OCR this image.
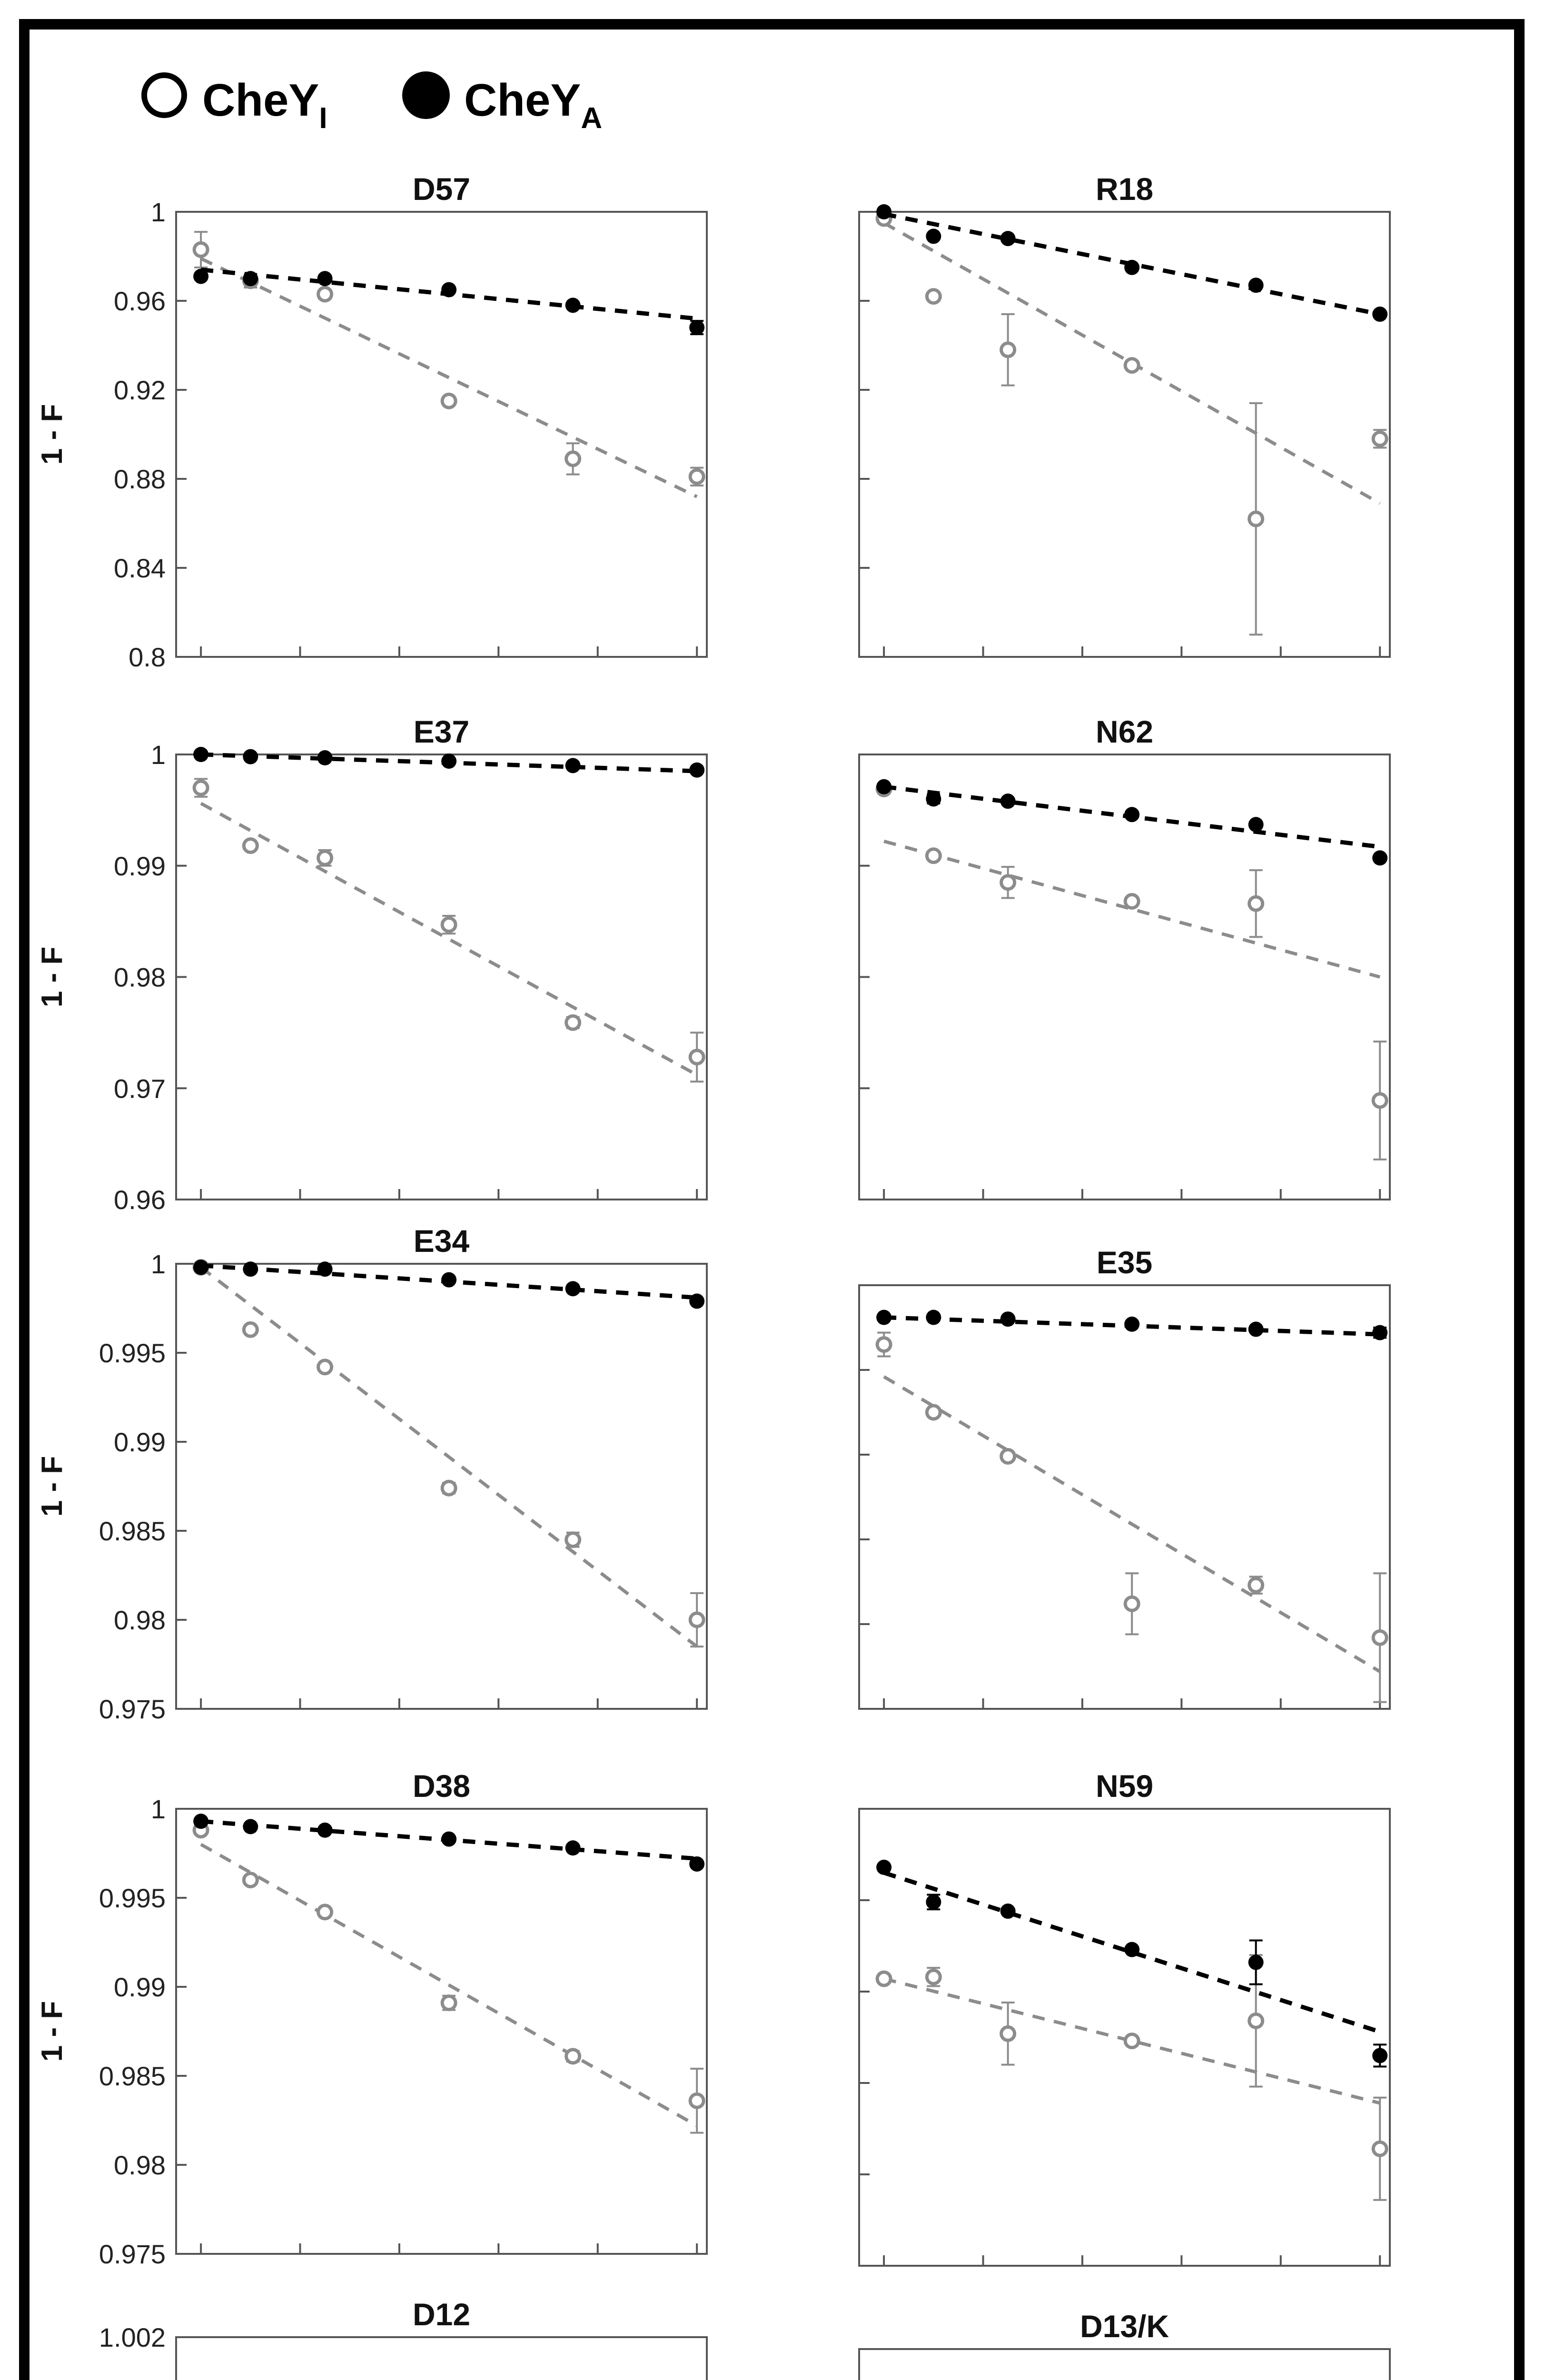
CheY$_I$	CheY$_A$
D57
1
0.96
0.92
0.88
0.84
0.8
1 - F
R18
E37
1
0.99
0.98
0.97
0.96
1 - F
N62
E34
1
0.995
0.99
0.985
0.98
0.975
1 - F
E35
D38
1
0.995
0.99
0.985
0.98
0.975
1 - F
N59
D12
1.002	D13/K
